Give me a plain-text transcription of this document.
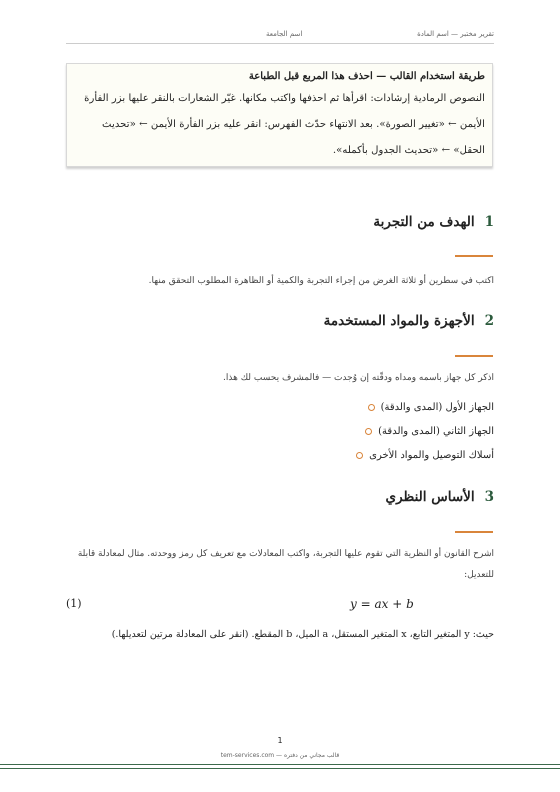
تقرير مختبر — اسم المادة
اسم الجامعة
طريقة استخدام القالب — احذف هذا المربع قبل الطباعة
النصوص الرمادية إرشادات: اقرأها ثم احذفها واكتب مكانها. غيّر الشعارات بالنقر عليها بزر الفأرة الأيمن ← «تغيير الصورة». بعد الانتهاء حدّث الفهرس: انقر عليه بزر الفأرة الأيمن ← «تحديث الحقل» ← «تحديث الجدول بأكمله».
1الهدف من التجربة
اكتب في سطرين أو ثلاثة الغرض من إجراء التجربة والكمية أو الظاهرة المطلوب التحقق منها.
2الأجهزة والمواد المستخدمة
اذكر كل جهاز باسمه ومداه ودقّته إن وُجدت — فالمشرف يحسب لك هذا.
الجهاز الأول (المدى والدقة)
الجهاز الثاني (المدى والدقة)
أسلاك التوصيل والمواد الأخرى
3الأساس النظري
اشرح القانون أو النظرية التي تقوم عليها التجربة، واكتب المعادلات مع تعريف كل رمز ووحدته. مثال لمعادلة قابلة للتعديل:
y = ax + b
(1)
حيث: y المتغير التابع، x المتغير المستقل، a الميل، b المقطع. (انقر على المعادلة مرتين لتعديلها.)
1
قالب مجاني من دفتره — tem-services.com
